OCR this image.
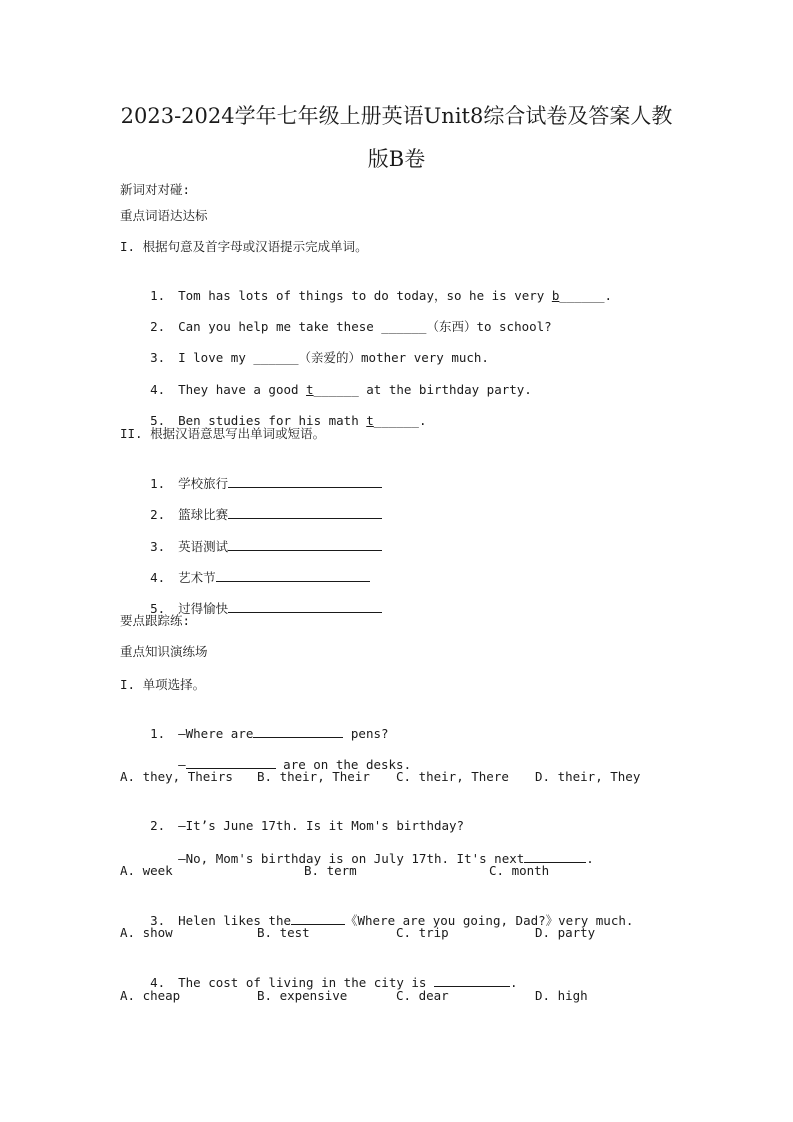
2023-2024学年七年级上册英语Unit8综合试卷及答案人教
版B卷
新词对对碰:
重点词语达达标
I. 根据句意及首字母或汉语提示完成单词。

1. Tom has lots of things to do today，so he is very b______.

2. Can you help me take these ______（东西）to school?

3. I love my ______（亲爱的）mother very much.

4. They have a good t______ at the birthday party.

5. Ben studies for his math t______.

II. 根据汉语意思写出单词或短语。

1. 学校旅行

2. 篮球比赛

3. 英语测试

4. 艺术节

5. 过得愉快

要点跟踪练:
重点知识演练场
I. 单项选择。

1. —Where are	pens?

—	are on the desks.

A. they, Theirs B. their, Their C. their, There D. their, They

2. —It’s June 17th. Is it Mom's birthday?

—No, Mom's birthday is on July 17th. It's next	.

A. week	B. term	C. month

3. Helen likes the	《Where are you going, Dad?》very much.

A. show	B. test	C. trip	D. party

4. The cost of living in the city is	.

A. cheap	B. expensive	C. dear	D. high
